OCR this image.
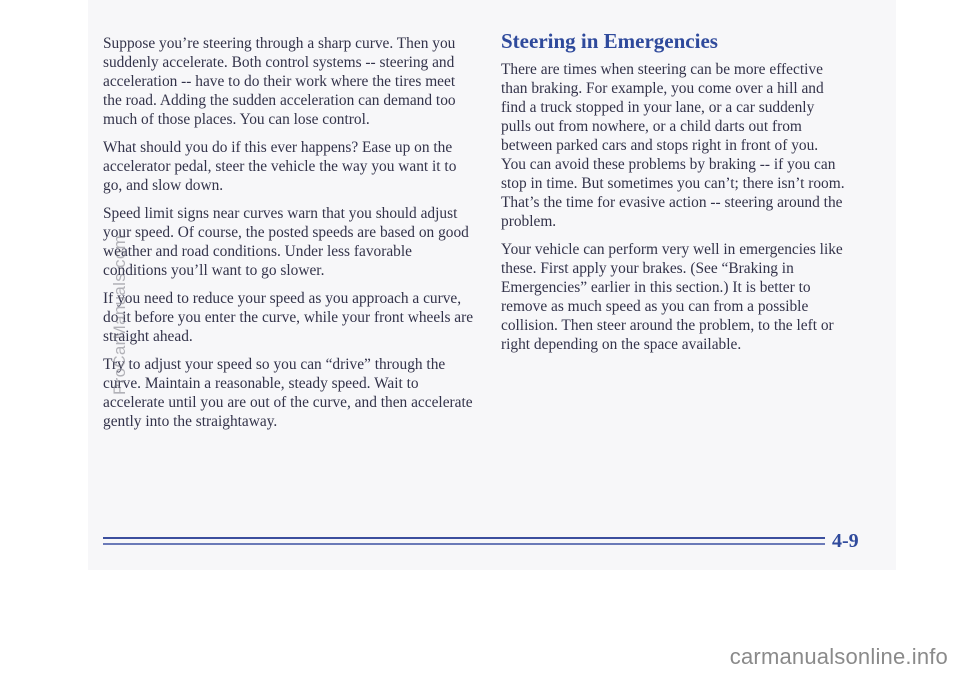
Suppose you’re steering through a sharp curve. Then you suddenly accelerate. Both control systems -- steering and acceleration -- have to do their work where the tires meet the road. Adding the sudden acceleration can demand too much of those places. You can lose control.

What should you do if this ever happens? Ease up on the accelerator pedal, steer the vehicle the way you want it to go, and slow down.

Speed limit signs near curves warn that you should adjust your speed. Of course, the posted speeds are based on good weather and road conditions. Under less favorable conditions you’ll want to go slower.

If you need to reduce your speed as you approach a curve, do it before you enter the curve, while your front wheels are straight ahead.

Try to adjust your speed so you can “drive” through the curve. Maintain a reasonable, steady speed. Wait to accelerate until you are out of the curve, and then accelerate gently into the straightaway.

Steering in Emergencies

There are times when steering can be more effective than braking. For example, you come over a hill and find a truck stopped in your lane, or a car suddenly pulls out from nowhere, or a child darts out from between parked cars and stops right in front of you. You can avoid these problems by braking -- if you can stop in time. But sometimes you can’t; there isn’t room. That’s the time for evasive action -- steering around the problem.

Your vehicle can perform very well in emergencies like these. First apply your brakes. (See “Braking in Emergencies” earlier in this section.) It is better to remove as much speed as you can from a possible collision. Then steer around the problem, to the left or right depending on the space available.

4-9
ProCarManuals.com
carmanualsonline.info
